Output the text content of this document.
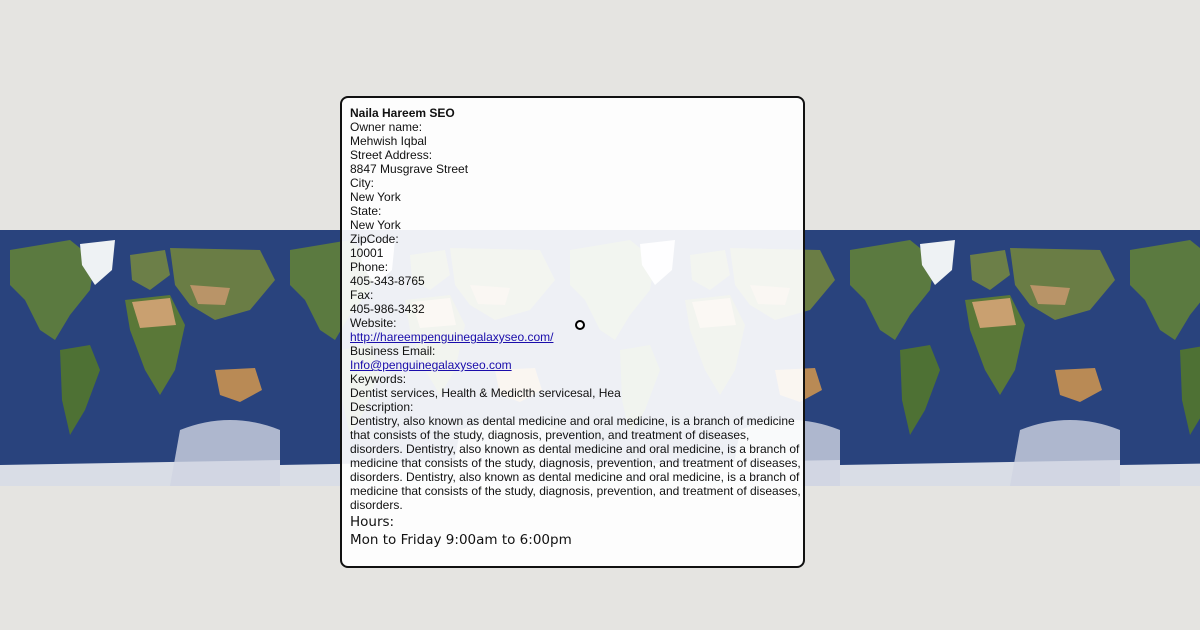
Naila Hareem SEO
Owner name:
Mehwish Iqbal
Street Address:
8847 Musgrave Street
City:
New York
State:
New York
ZipCode:
10001
Phone:
405-343-8765
Fax:
405-986-3432
Website:
http://hareempenguinegalaxyseo.com/
Business Email:
Info@penguinegalaxyseo.com
Keywords:
Dentist services, Health & Mediclth servicesal, Hea
Description:
Dentistry, also known as dental medicine and oral medicine, is a branch of medicine that consists of the study, diagnosis, prevention, and treatment of diseases, disorders. Dentistry, also known as dental medicine and oral medicine, is a branch of medicine that consists of the study, diagnosis, prevention, and treatment of diseases, disorders. Dentistry, also known as dental medicine and oral medicine, is a branch of medicine that consists of the study, diagnosis, prevention, and treatment of diseases, disorders.
Hours:
Mon to Friday 9:00am to 6:00pm
